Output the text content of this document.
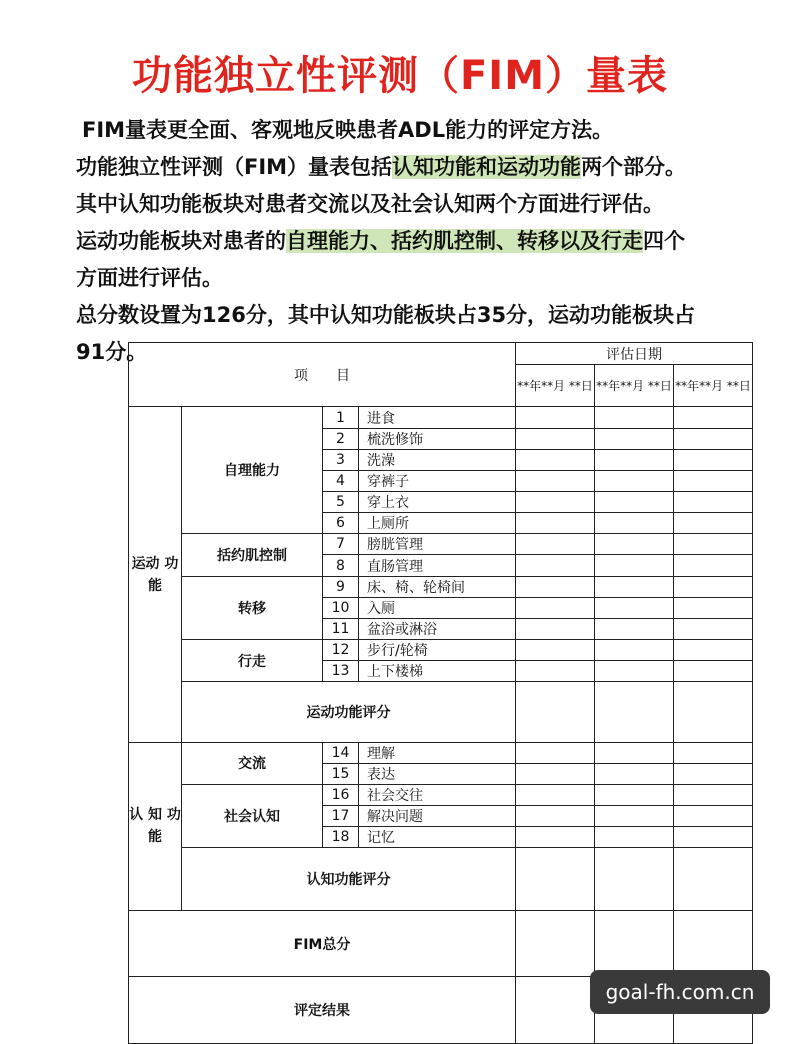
功能独立性评测（FIM）量表
FIM量表更全面、客观地反映患者ADL能力的评定方法。
功能独立性评测（FIM）量表包括认知功能和运动功能两个部分。
其中认知功能板块对患者交流以及社会认知两个方面进行评估。
运动功能板块对患者的自理能力、括约肌控制、转移以及行走四个
方面进行评估。
总分数设置为126分，其中认知功能板块占35分，运动功能板块占
91分。
项　　目				评估日期		
				**年**月 **日	**年**月 **日	**年**月 **日
运动 功能	自理能力	1	进食			
		2	梳洗修饰			
		3	洗澡			
		4	穿裤子			
		5	穿上衣			
		6	上厕所			
	括约肌控制	7	膀胱管理			
		8	直肠管理			
	转移	9	床、椅、轮椅间			
		10	入厕			
		11	盆浴或淋浴			
	行走	12	步行/轮椅			
		13	上下楼梯			
	运动功能评分					
认 知 功能	交流	14	理解			
		15	表达			
	社会认知	16	社会交往			
		17	解决问题			
		18	记忆			
	认知功能评分					
FIM总分						
评定结果						
goal-fh.com.cn
